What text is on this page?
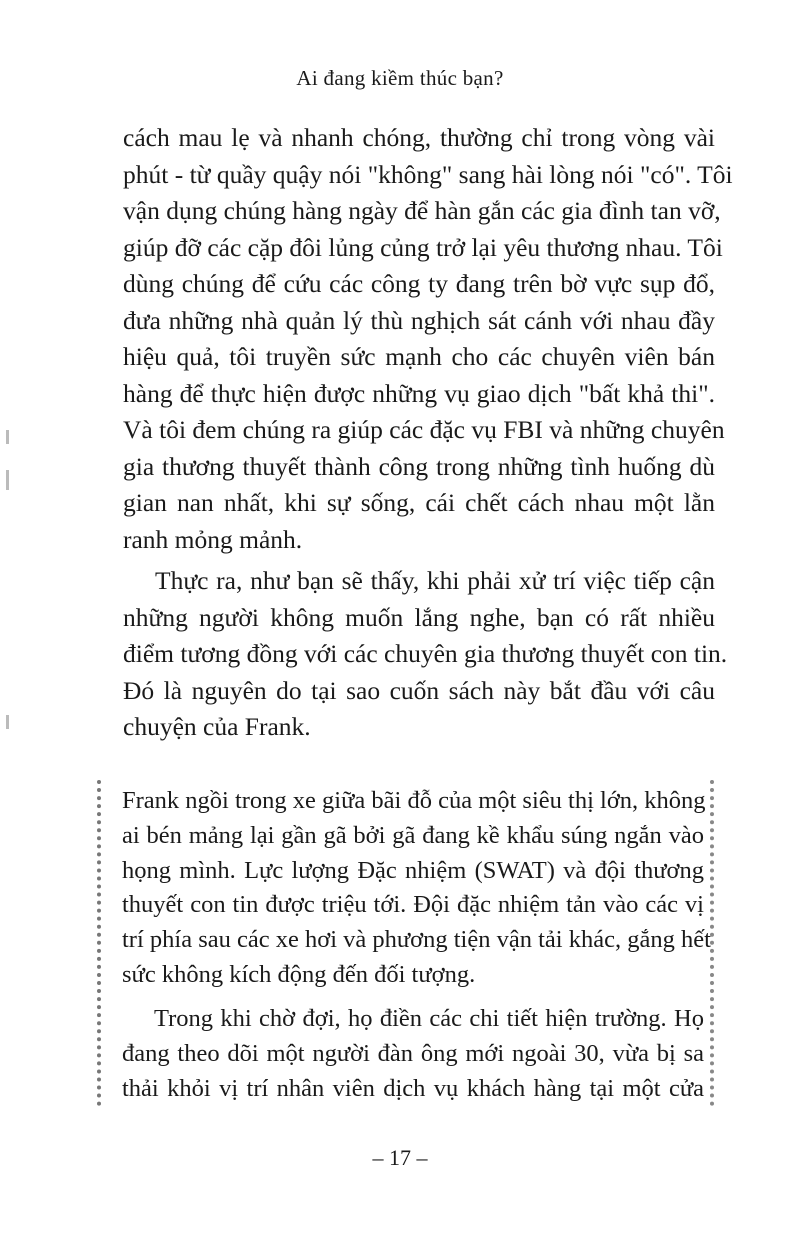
Ai đang kiềm thúc bạn?
cách mau lẹ và nhanh chóng, thường chỉ trong vòng vài
phút - từ quầy quậy nói "không" sang hài lòng nói "có". Tôi
vận dụng chúng hàng ngày để hàn gắn các gia đình tan vỡ,
giúp đỡ các cặp đôi lủng củng trở lại yêu thương nhau. Tôi
dùng chúng để cứu các công ty đang trên bờ vực sụp đổ,
đưa những nhà quản lý thù nghịch sát cánh với nhau đầy
hiệu quả, tôi truyền sức mạnh cho các chuyên viên bán
hàng để thực hiện được những vụ giao dịch "bất khả thi".
Và tôi đem chúng ra giúp các đặc vụ FBI và những chuyên
gia thương thuyết thành công trong những tình huống dù
gian nan nhất, khi sự sống, cái chết cách nhau một lằn
ranh mỏng mảnh.
Thực ra, như bạn sẽ thấy, khi phải xử trí việc tiếp cận
những người không muốn lắng nghe, bạn có rất nhiều
điểm tương đồng với các chuyên gia thương thuyết con tin.
Đó là nguyên do tại sao cuốn sách này bắt đầu với câu
chuyện của Frank.
Frank ngồi trong xe giữa bãi đỗ của một siêu thị lớn, không
ai bén mảng lại gần gã bởi gã đang kề khẩu súng ngắn vào
họng mình. Lực lượng Đặc nhiệm (SWAT) và đội thương
thuyết con tin được triệu tới. Đội đặc nhiệm tản vào các vị
trí phía sau các xe hơi và phương tiện vận tải khác, gắng hết
sức không kích động đến đối tượng.
Trong khi chờ đợi, họ điền các chi tiết hiện trường. Họ
đang theo dõi một người đàn ông mới ngoài 30, vừa bị sa
thải khỏi vị trí nhân viên dịch vụ khách hàng tại một cửa
– 17 –
